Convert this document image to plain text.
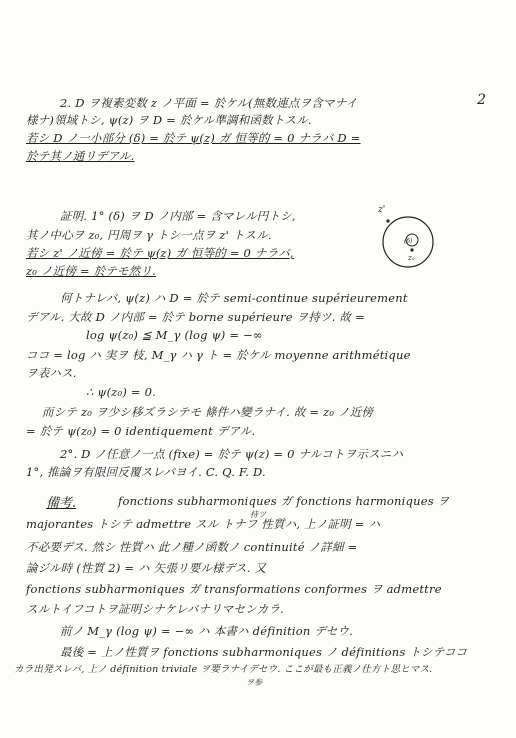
2
2. D ヲ複素変数 z ノ平面 = 於ケル(無数連点ヲ含マナイ
様ナ)領域トシ, ψ(z) ヲ D = 於ケル準調和函数トスル.
若シ D ノ一小部分 (δ) = 於テ ψ(z) ガ 恒等的 = 0 ナラバ D =
於テ其ノ通リデアル.
証明. 1° (δ) ヲ D ノ内部 = 含マレル円トシ,
其ノ中心ヲ z₀, 円周ヲ γ トシ一点ヲ z' トスル.
若シ z' ノ近傍 = 於テ ψ(z) ガ 恒等的 = 0 ナラバ,
z₀ ノ近傍 = 於テモ然リ.
何トナレバ, ψ(z) ハ D = 於テ semi-continue supérieurement
デアル. 大故 D ノ内部 = 於テ borne supérieure ヲ持ツ. 故 =
log ψ(z₀) ≦ M_γ (log ψ) = −∞
ココ = log ハ 実ヲ 枝, M_γ ハ γ ト = 於ケル moyenne arithmétique
ヲ表ハス.
∴ ψ(z₀) = 0.
而シテ z₀ ヲ少シ移ズラシテモ 條件ハ變ラナイ. 故 = z₀ ノ近傍
= 於テ ψ(z₀) = 0 identiquement デアル.
2°. D ノ任意ノ一点 (fixe) = 於テ ψ(z) = 0 ナルコトヲ示スニハ
1°, 推論ヲ有限回反覆スレバヨイ. C. Q. F. D.
備考.	fonctions subharmoniques ガ fonctions harmoniques ヲ
majorantes トシテ admettre スル トナフ 性質ハ, 上ノ証明 = ハ
不必要デス. 然シ 性質ハ 此ノ種ノ函数ノ continuité ノ詳細 =
論ジル時 (性質 2) = ハ 矢張リ要ル様デス. 又
fonctions subharmoniques ガ transformations conformes ヲ admettre
スルトイフコトヲ証明シナケレバナリマセンカラ.
前ノ M_γ (log ψ) = −∞ ハ 本書ハ définition デセウ.
最後 = 上ノ性質ヲ fonctions subharmoniques ノ définitions トシテココ
カラ出発スレバ, 上ノ définition triviale ヲ要ラナイデセウ. ここが最も正義ノ仕方ト思ヒマス.
持ツ
ヲ参
z'
(δ)
z₀
